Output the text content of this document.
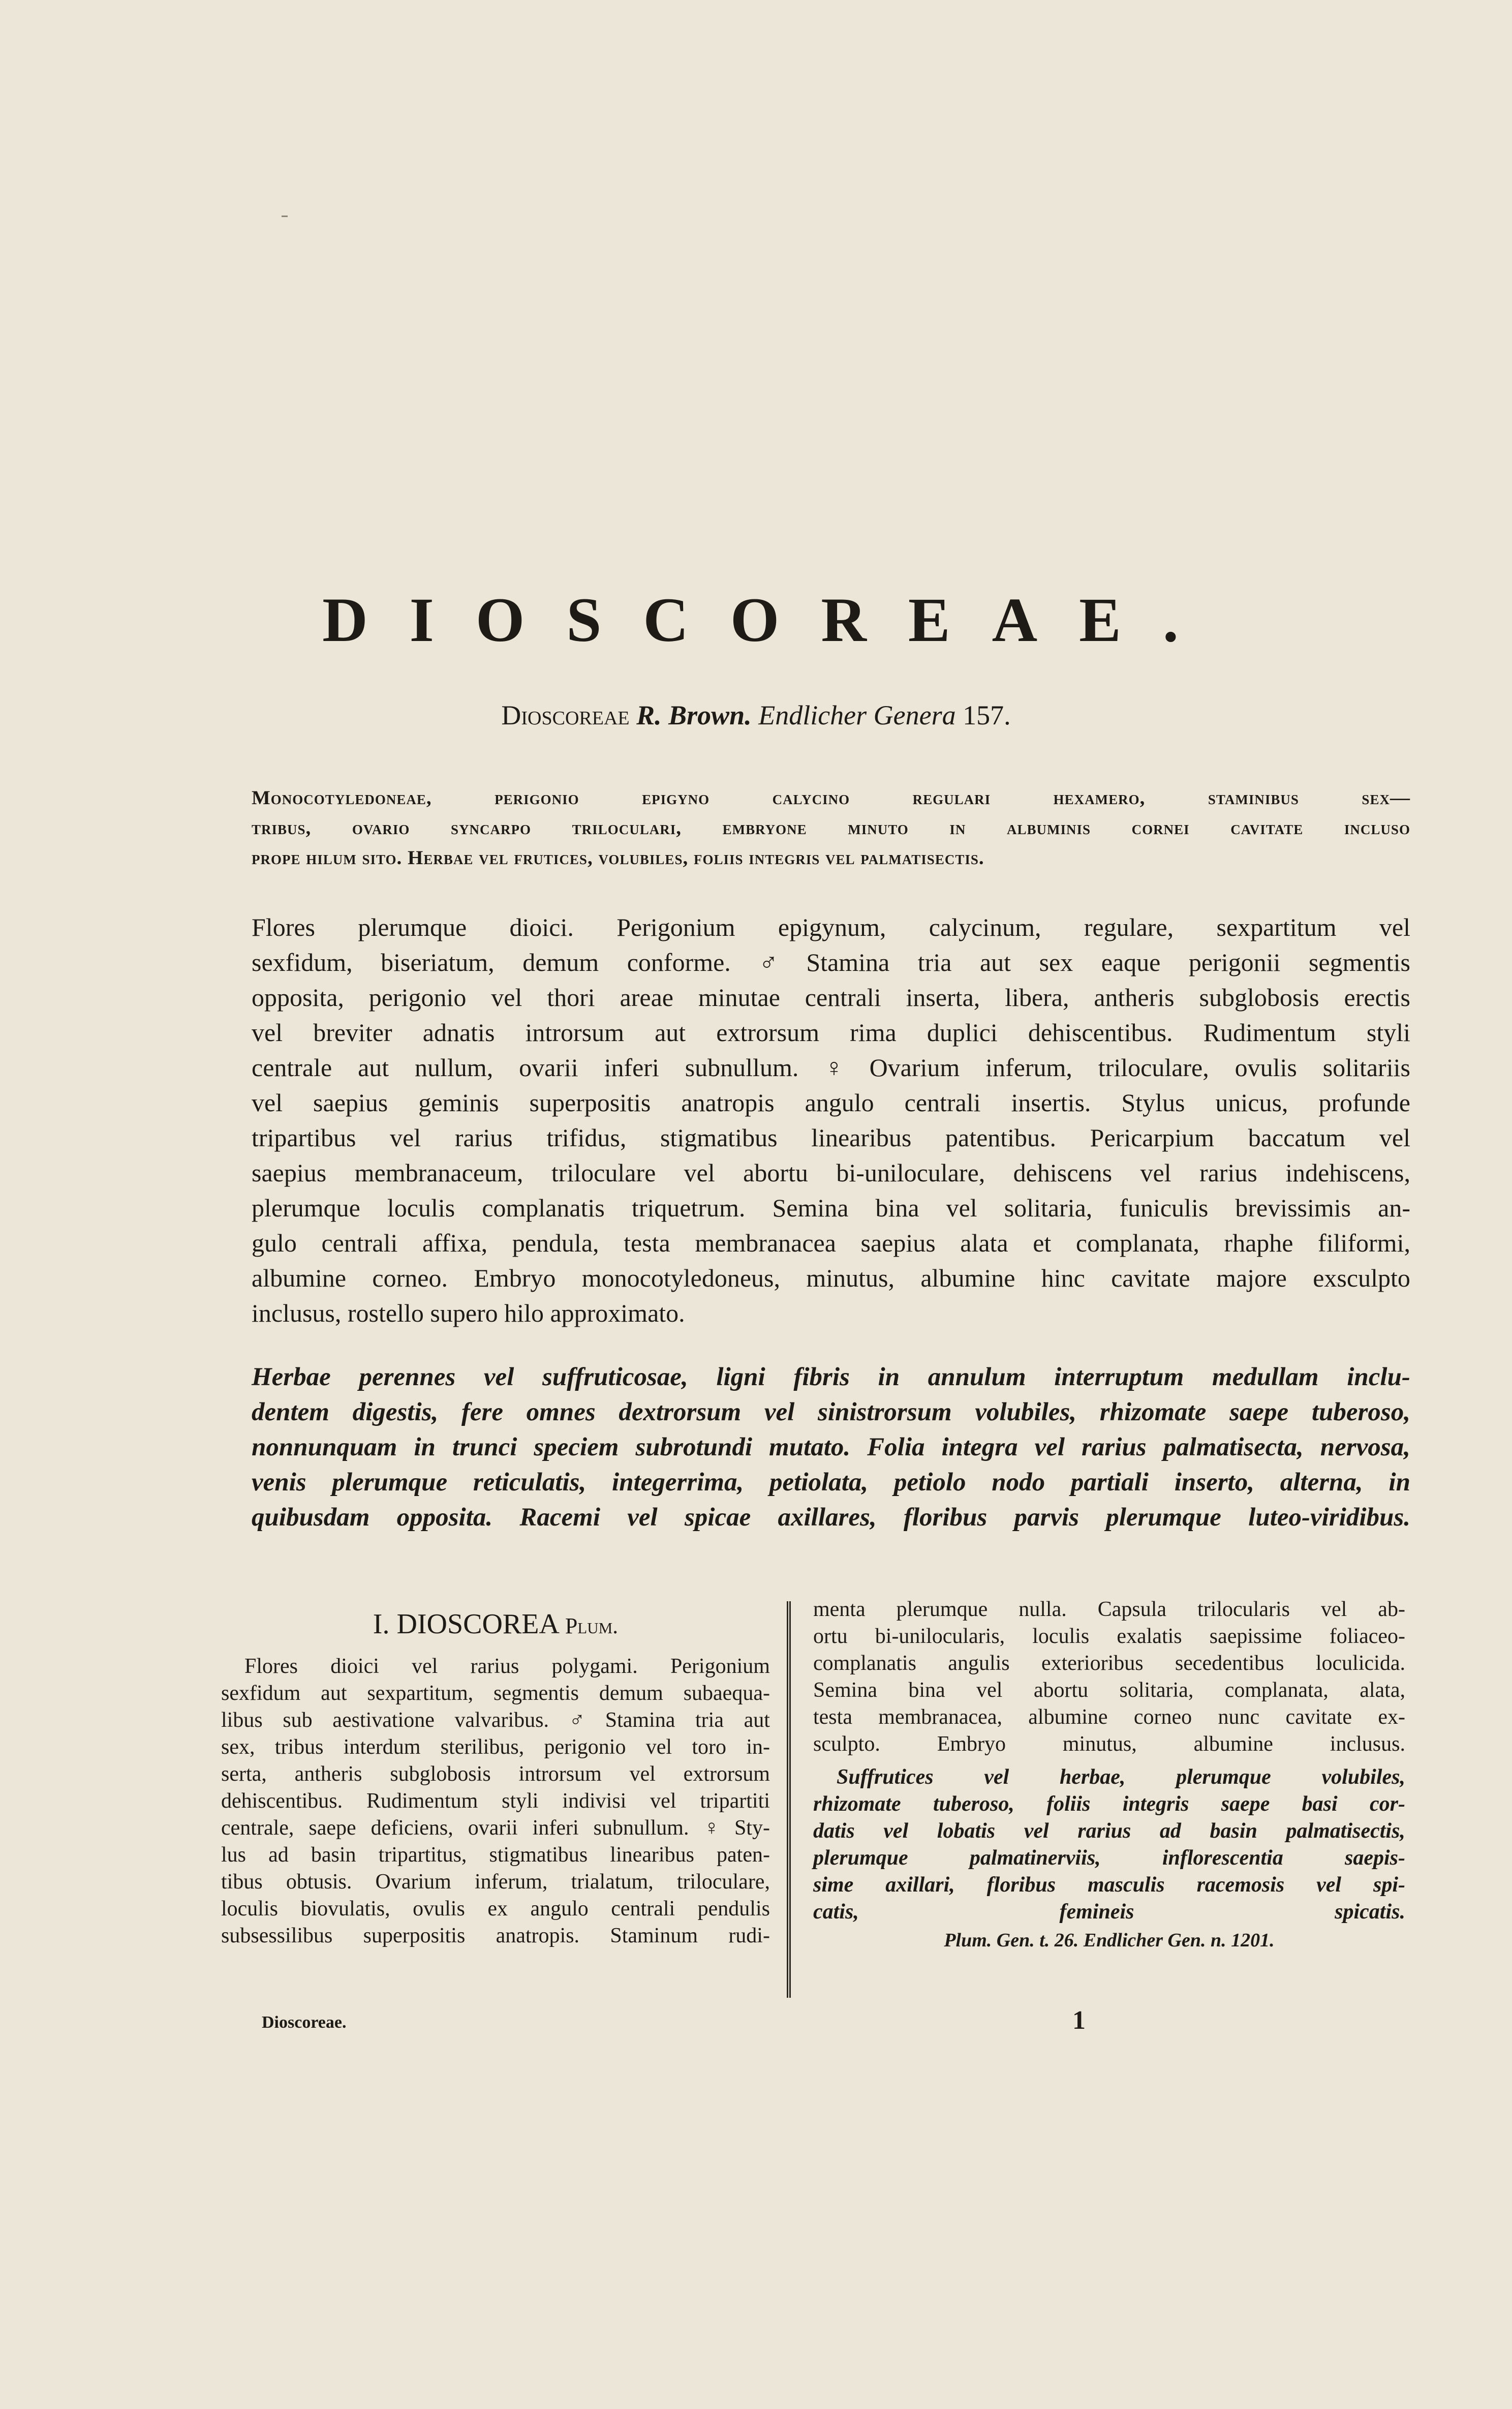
DIOSCOREAE.
Dioscoreae R. Brown. Endlicher Genera 157.
Monocotyledoneae,	perigonio	epigyno	calycino	regulari	hexamero,	staminibus	sex—
tribus, ovario syncarpo triloculari, embryone minuto in albuminis cornei cavitate incluso
prope hilum sito. Herbae vel frutices, volubiles, foliis integris vel palmatisectis.
Flores plerumque dioici. Perigonium epigynum, calycinum, regulare, sexpartitum vel
sexfidum, biseriatum, demum conforme. ♂ Stamina tria aut sex eaque perigonii segmentis
opposita, perigonio vel thori areae minutae centrali inserta, libera, antheris subglobosis erectis
vel breviter adnatis introrsum aut extrorsum rima duplici dehiscentibus. Rudimentum styli
centrale aut nullum, ovarii inferi subnullum. ♀ Ovarium inferum, triloculare, ovulis solitariis
vel saepius geminis superpositis anatropis angulo centrali insertis. Stylus unicus, profunde
tripartibus vel rarius trifidus, stigmatibus linearibus patentibus. Pericarpium baccatum vel
saepius membranaceum, triloculare vel abortu bi-uniloculare, dehiscens vel rarius indehiscens,
plerumque loculis complanatis triquetrum. Semina bina vel solitaria, funiculis brevissimis an-
gulo centrali affixa, pendula, testa membranacea saepius alata et complanata, rhaphe filiformi,
albumine corneo. Embryo monocotyledoneus, minutus, albumine hinc cavitate majore exsculpto
inclusus, rostello supero hilo approximato.
Herbae perennes vel suffruticosae, ligni fibris in annulum interruptum medullam inclu-
dentem digestis, fere omnes dextrorsum vel sinistrorsum volubiles, rhizomate saepe tuberoso,
nonnunquam in trunci speciem subrotundi mutato. Folia integra vel rarius palmatisecta, nervosa,
venis plerumque reticulatis, integerrima, petiolata, petiolo nodo partiali inserto, alterna, in
quibusdam opposita. Racemi vel spicae axillares, floribus parvis plerumque luteo-viridibus.
I. DIOSCOREA Plum.
Flores dioici vel rarius polygami. Perigonium
sexfidum aut sexpartitum, segmentis demum subaequa-
libus sub aestivatione valvaribus. ♂ Stamina tria aut
sex, tribus interdum sterilibus, perigonio vel toro in-
serta, antheris subglobosis introrsum vel extrorsum
dehiscentibus. Rudimentum styli indivisi vel tripartiti
centrale, saepe deficiens, ovarii inferi subnullum. ♀ Sty-
lus ad basin tripartitus, stigmatibus linearibus paten-
tibus obtusis. Ovarium inferum, trialatum, triloculare,
loculis biovulatis, ovulis ex angulo centrali pendulis
subsessilibus superpositis anatropis. Staminum rudi-
menta plerumque nulla. Capsula trilocularis vel ab-
ortu bi-unilocularis, loculis exalatis saepissime foliaceo-
complanatis angulis exterioribus secedentibus loculicida.
Semina bina vel abortu solitaria, complanata, alata,
testa membranacea, albumine corneo nunc cavitate ex-
sculpto.	Embryo	minutus,	albumine	inclusus.
Suffrutices vel herbae, plerumque volubiles,
rhizomate tuberoso, foliis integris saepe basi cor-
datis vel lobatis vel rarius ad basin palmatisectis,
plerumque	palmatinerviis,	inflorescentia	saepis-
sime axillari, floribus masculis racemosis vel spi-
catis,	femineis	spicatis.
Plum. Gen. t. 26. Endlicher Gen. n. 1201.
Dioscoreae.	1
